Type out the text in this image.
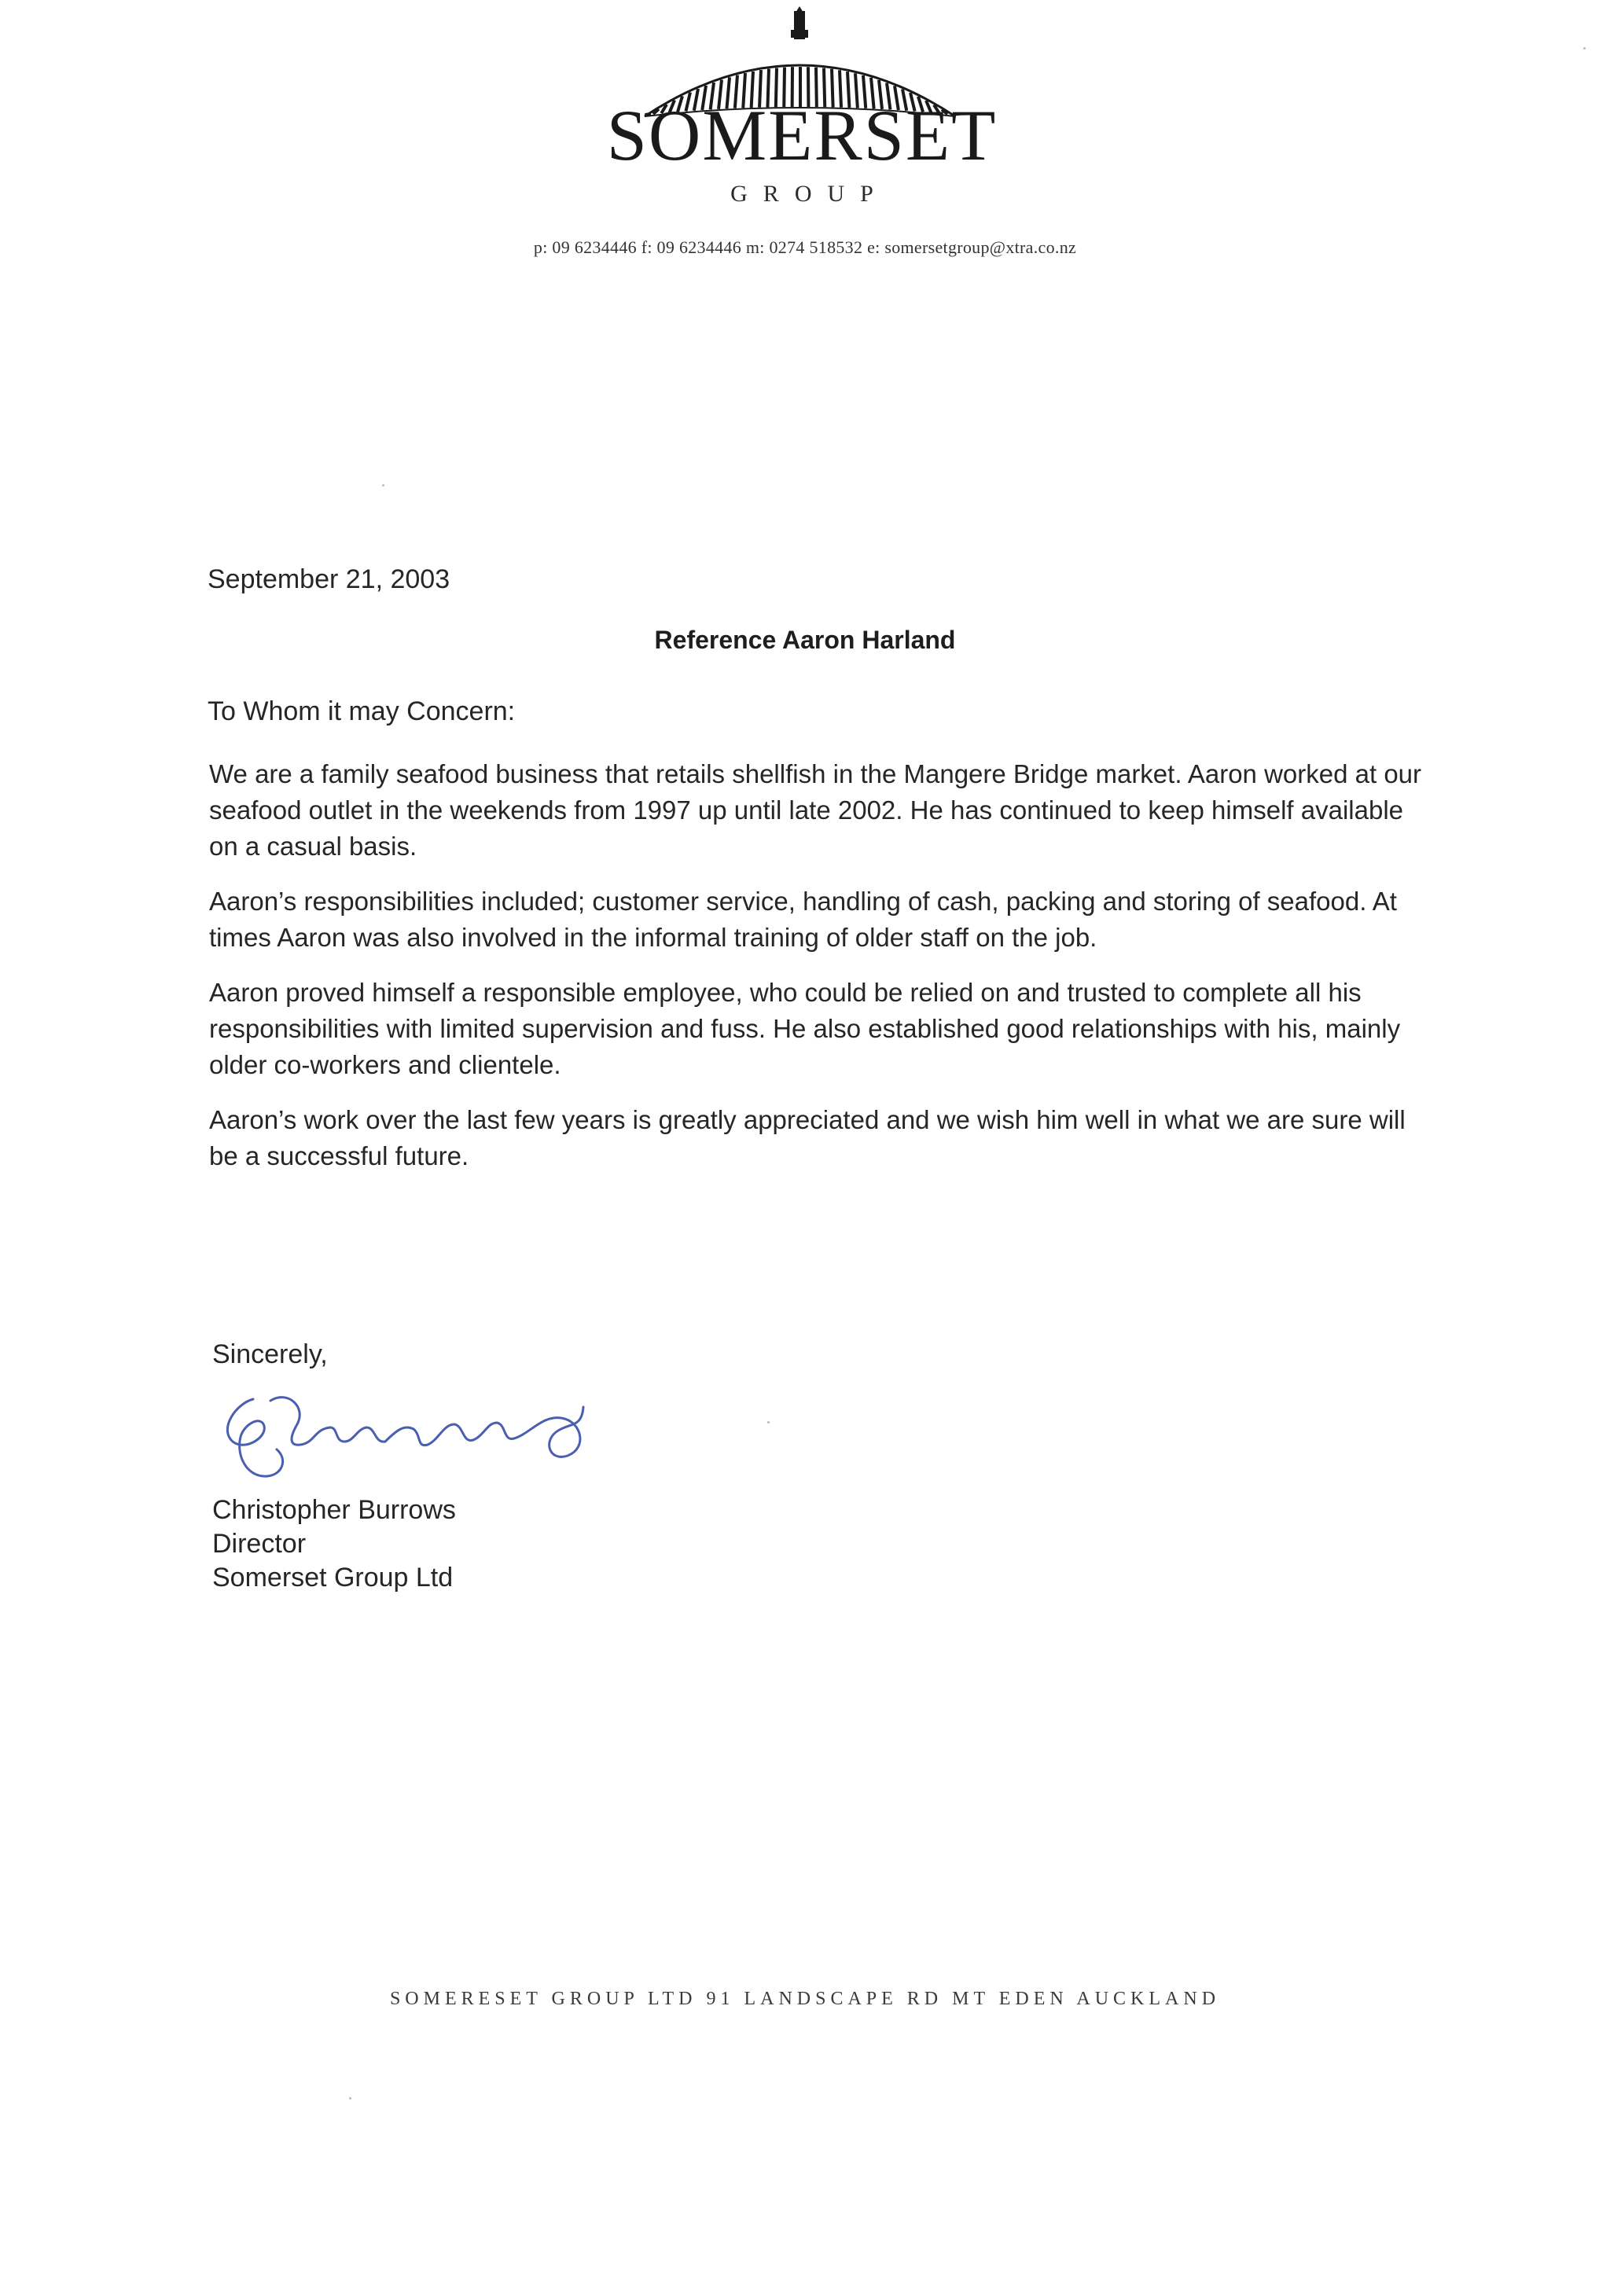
SOMERSET
GROUP
p: 09 6234446 f: 09 6234446 m: 0274 518532 e: somersetgroup@xtra.co.nz
September 21, 2003
Reference Aaron Harland
To Whom it may Concern:

We are a family seafood business that retails shellfish in the Mangere Bridge market. Aaron worked at our seafood outlet in the weekends from 1997 up until late 2002. He has continued to keep himself available on a casual basis.

Aaron’s responsibilities included; customer service, handling of cash, packing and storing of seafood. At times Aaron was also involved in the informal training of older staff on the job.

Aaron proved himself a responsible employee, who could be relied on and trusted to complete all his responsibilities with limited supervision and fuss. He also established good relationships with his, mainly older co-workers and clientele.

Aaron’s work over the last few years is greatly appreciated and we wish him well in what we are sure will be a successful future.

Sincerely,
Christopher Burrows
Director
Somerset Group Ltd
SOMERESET GROUP LTD 91 LANDSCAPE RD MT EDEN AUCKLAND
